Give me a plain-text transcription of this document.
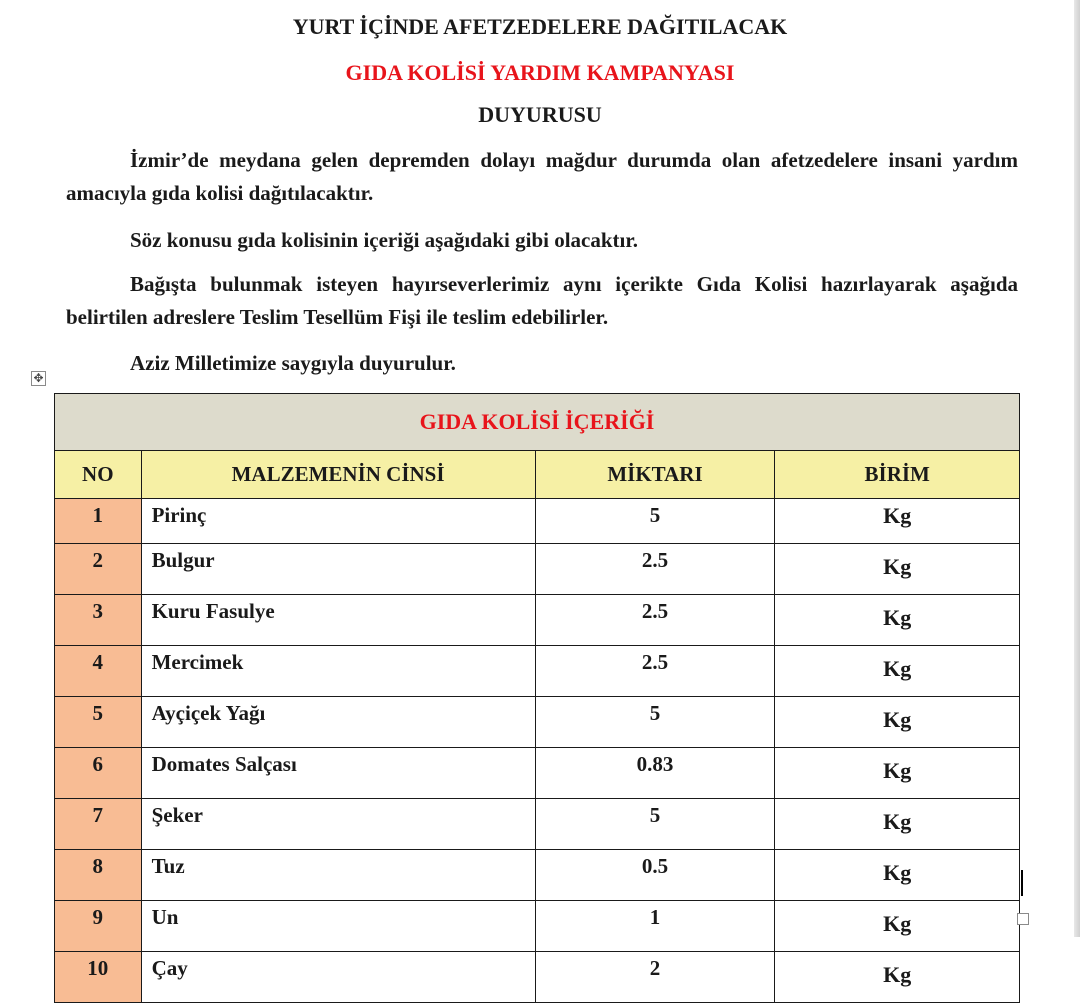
YURT İÇİNDE AFETZEDELERE DAĞITILACAK
GIDA KOLİSİ YARDIM KAMPANYASI
DUYURUSU
İzmir’de meydana gelen depremden dolayı mağdur durumda olan afetzedelere insani yardım amacıyla gıda kolisi dağıtılacaktır.
Söz konusu gıda kolisinin içeriği aşağıdaki gibi olacaktır.
Bağışta bulunmak isteyen hayırseverlerimiz aynı içerikte Gıda Kolisi hazırlayarak aşağıda belirtilen adreslere Teslim Tesellüm Fişi ile teslim edebilirler.
Aziz Milletimize saygıyla duyurulur.
✥
GIDA KOLİSİ İÇERİĞİ			
NO	MALZEMENİN CİNSİ	MİKTARI	BİRİM
1	Pirinç	5	Kg
2	Bulgur	2.5	Kg
3	Kuru Fasulye	2.5	Kg
4	Mercimek	2.5	Kg
5	Ayçiçek Yağı	5	Kg
6	Domates Salçası	0.83	Kg
7	Şeker	5	Kg
8	Tuz	0.5	Kg
9	Un	1	Kg
10	Çay	2	Kg
